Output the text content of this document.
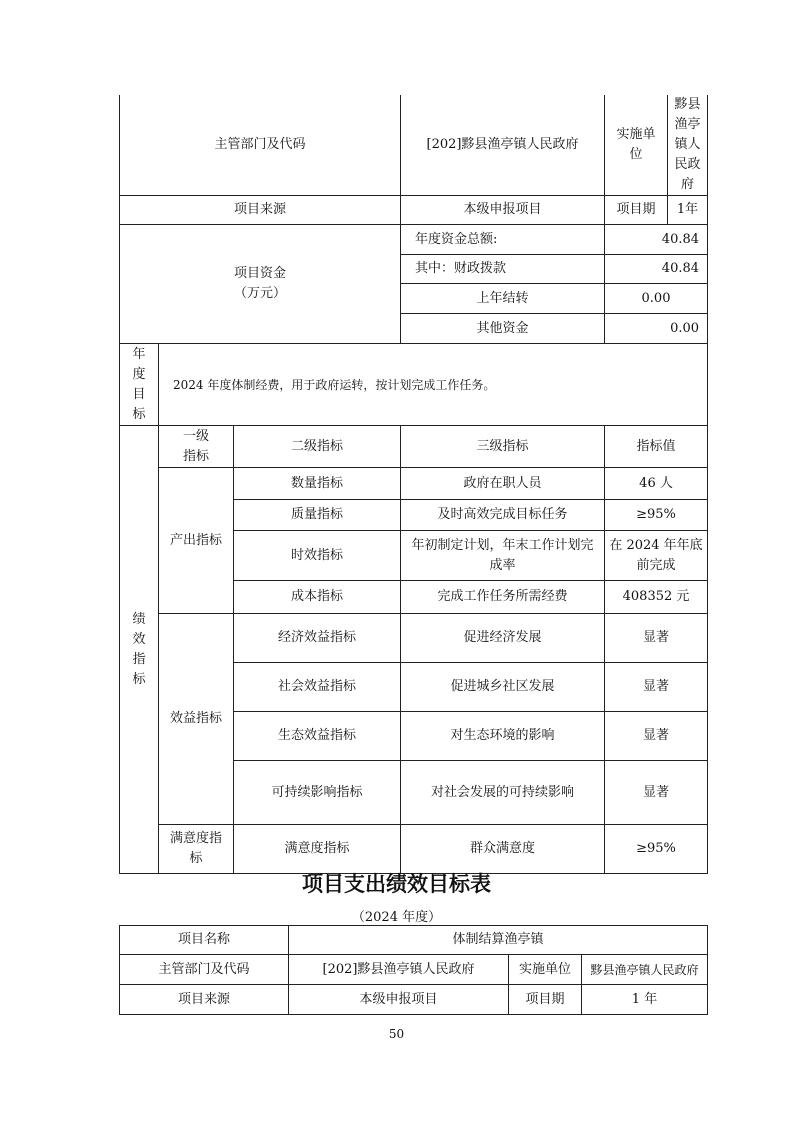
主管部门及代码			[202]黟县渔亭镇人民政府	实施单位	黟县渔亭镇人民政府
项目来源			本级申报项目	项目期	1年

项目资金
（万元）			年度资金总额:	40.84	
			其中：财政拨款	40.84	
			上年结转	0.00	
			其他资金	0.00	
年度目标	2024 年度体制经费，用于政府运转，按计划完成工作任务。				
绩效指标	一级指标	二级指标	三级指标	指标值	
	产出指标	数量指标	政府在职人员	46 人	
		质量指标	及时高效完成目标任务	≥95%	
		时效指标	年初制定计划，年末工作计划完成率	在 2024 年年底前完成	
		成本指标	完成工作任务所需经费	408352 元	
	效益指标	经济效益指标	促进经济发展	显著	
		社会效益指标	促进城乡社区发展	显著	
		生态效益指标	对生态环境的影响	显著	
		可持续影响指标	对社会发展的可持续影响	显著	
	满意度指标	满意度指标	群众满意度	≥95%	
项目支出绩效目标表
（2024 年度）
项目名称	体制结算渔亭镇		
主管部门及代码	[202]黟县渔亭镇人民政府	实施单位	黟县渔亭镇人民政府
项目来源	本级申报项目	项目期	1 年
50
